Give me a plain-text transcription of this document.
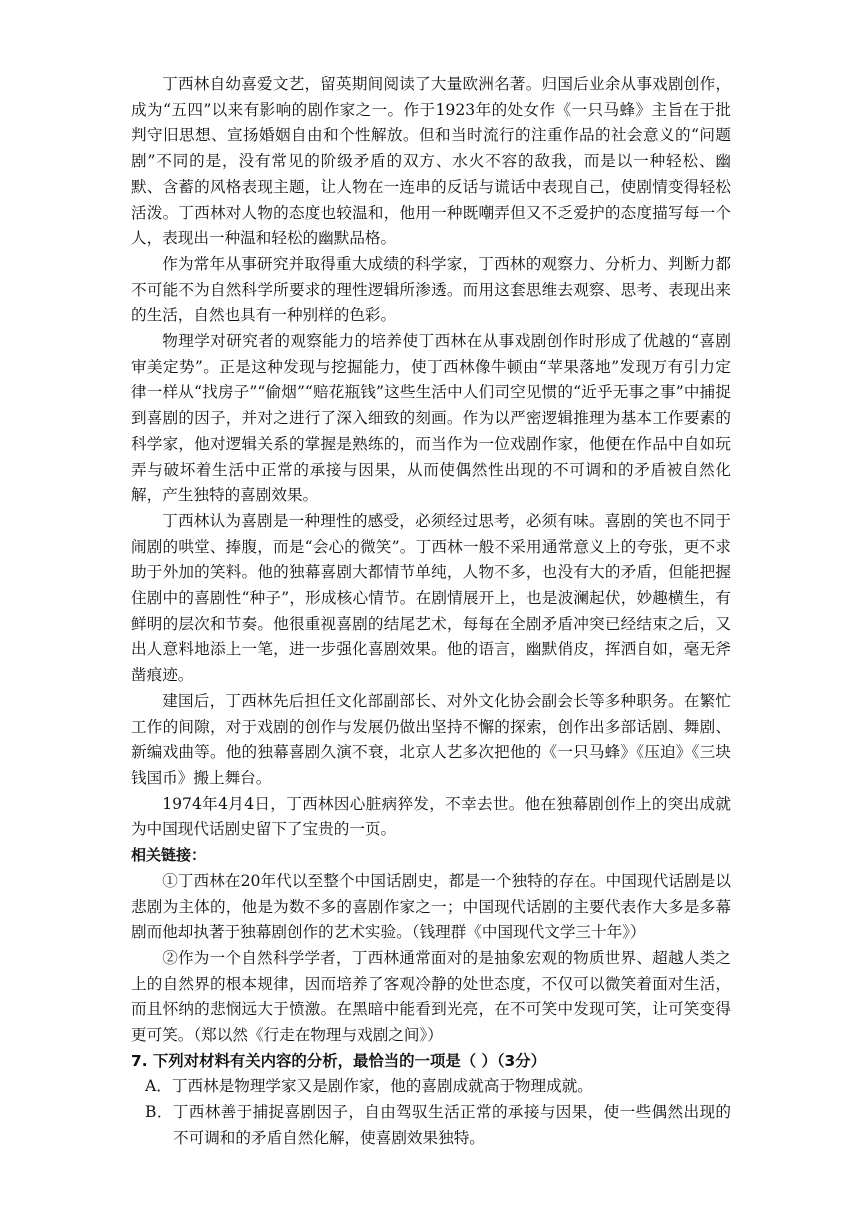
丁西林自幼喜爱文艺，留英期间阅读了大量欧洲名著。归国后业余从事戏剧创作，成为“五四”以来有影响的剧作家之一。作于1923年的处女作《一只马蜂》主旨在于批判守旧思想、宣扬婚姻自由和个性解放。但和当时流行的注重作品的社会意义的“问题剧”不同的是，没有常见的阶级矛盾的双方、水火不容的敌我，而是以一种轻松、幽默、含蓄的风格表现主题，让人物在一连串的反话与谎话中表现自己，使剧情变得轻松活泼。丁西林对人物的态度也较温和，他用一种既嘲弄但又不乏爱护的态度描写每一个人，表现出一种温和轻松的幽默品格。

作为常年从事研究并取得重大成绩的科学家，丁西林的观察力、分析力、判断力都不可能不为自然科学所要求的理性逻辑所渗透。而用这套思维去观察、思考、表现出来的生活，自然也具有一种别样的色彩。

物理学对研究者的观察能力的培养使丁西林在从事戏剧创作时形成了优越的“喜剧审美定势”。正是这种发现与挖掘能力，使丁西林像牛顿由“苹果落地”发现万有引力定律一样从“找房子”“偷烟”“赔花瓶钱”这些生活中人们司空见惯的“近乎无事之事”中捕捉到喜剧的因子，并对之进行了深入细致的刻画。作为以严密逻辑推理为基本工作要素的科学家，他对逻辑关系的掌握是熟练的，而当作为一位戏剧作家，他便在作品中自如玩弄与破坏着生活中正常的承接与因果，从而使偶然性出现的不可调和的矛盾被自然化解，产生独特的喜剧效果。

丁西林认为喜剧是一种理性的感受，必须经过思考，必须有味。喜剧的笑也不同于闹剧的哄堂、捧腹，而是“会心的微笑”。丁西林一般不采用通常意义上的夸张，更不求助于外加的笑料。他的独幕喜剧大都情节单纯，人物不多，也没有大的矛盾，但能把握住剧中的喜剧性“种子”，形成核心情节。在剧情展开上，也是波澜起伏，妙趣横生，有鲜明的层次和节奏。他很重视喜剧的结尾艺术，每每在全剧矛盾冲突已经结束之后，又出人意料地添上一笔，进一步强化喜剧效果。他的语言，幽默俏皮，挥洒自如，毫无斧凿痕迹。

建国后，丁西林先后担任文化部副部长、对外文化协会副会长等多种职务。在繁忙工作的间隙，对于戏剧的创作与发展仍做出坚持不懈的探索，创作出多部话剧、舞剧、新编戏曲等。他的独幕喜剧久演不衰，北京人艺多次把他的《一只马蜂》《压迫》《三块钱国币》搬上舞台。

1974年4月4日，丁西林因心脏病猝发，不幸去世。他在独幕剧创作上的突出成就为中国现代话剧史留下了宝贵的一页。

相关链接：

①丁西林在20年代以至整个中国话剧史，都是一个独特的存在。中国现代话剧是以悲剧为主体的，他是为数不多的喜剧作家之一；中国现代话剧的主要代表作大多是多幕剧而他却执著于独幕剧创作的艺术实验。（钱理群《中国现代文学三十年》）

②作为一个自然科学学者，丁西林通常面对的是抽象宏观的物质世界、超越人类之上的自然界的根本规律，因而培养了客观冷静的处世态度，不仅可以微笑着面对生活，而且怀纳的悲悯远大于愤激。在黑暗中能看到光亮，在不可笑中发现可笑，让可笑变得更可笑。（郑以然《行走在物理与戏剧之间》）

7. 下列对材料有关内容的分析，最恰当的一项是（ ）（3分）

A．丁西林是物理学家又是剧作家，他的喜剧成就高于物理成就。

B．丁西林善于捕捉喜剧因子，自由驾驭生活正常的承接与因果，使一些偶然出现的不可调和的矛盾自然化解，使喜剧效果独特。
